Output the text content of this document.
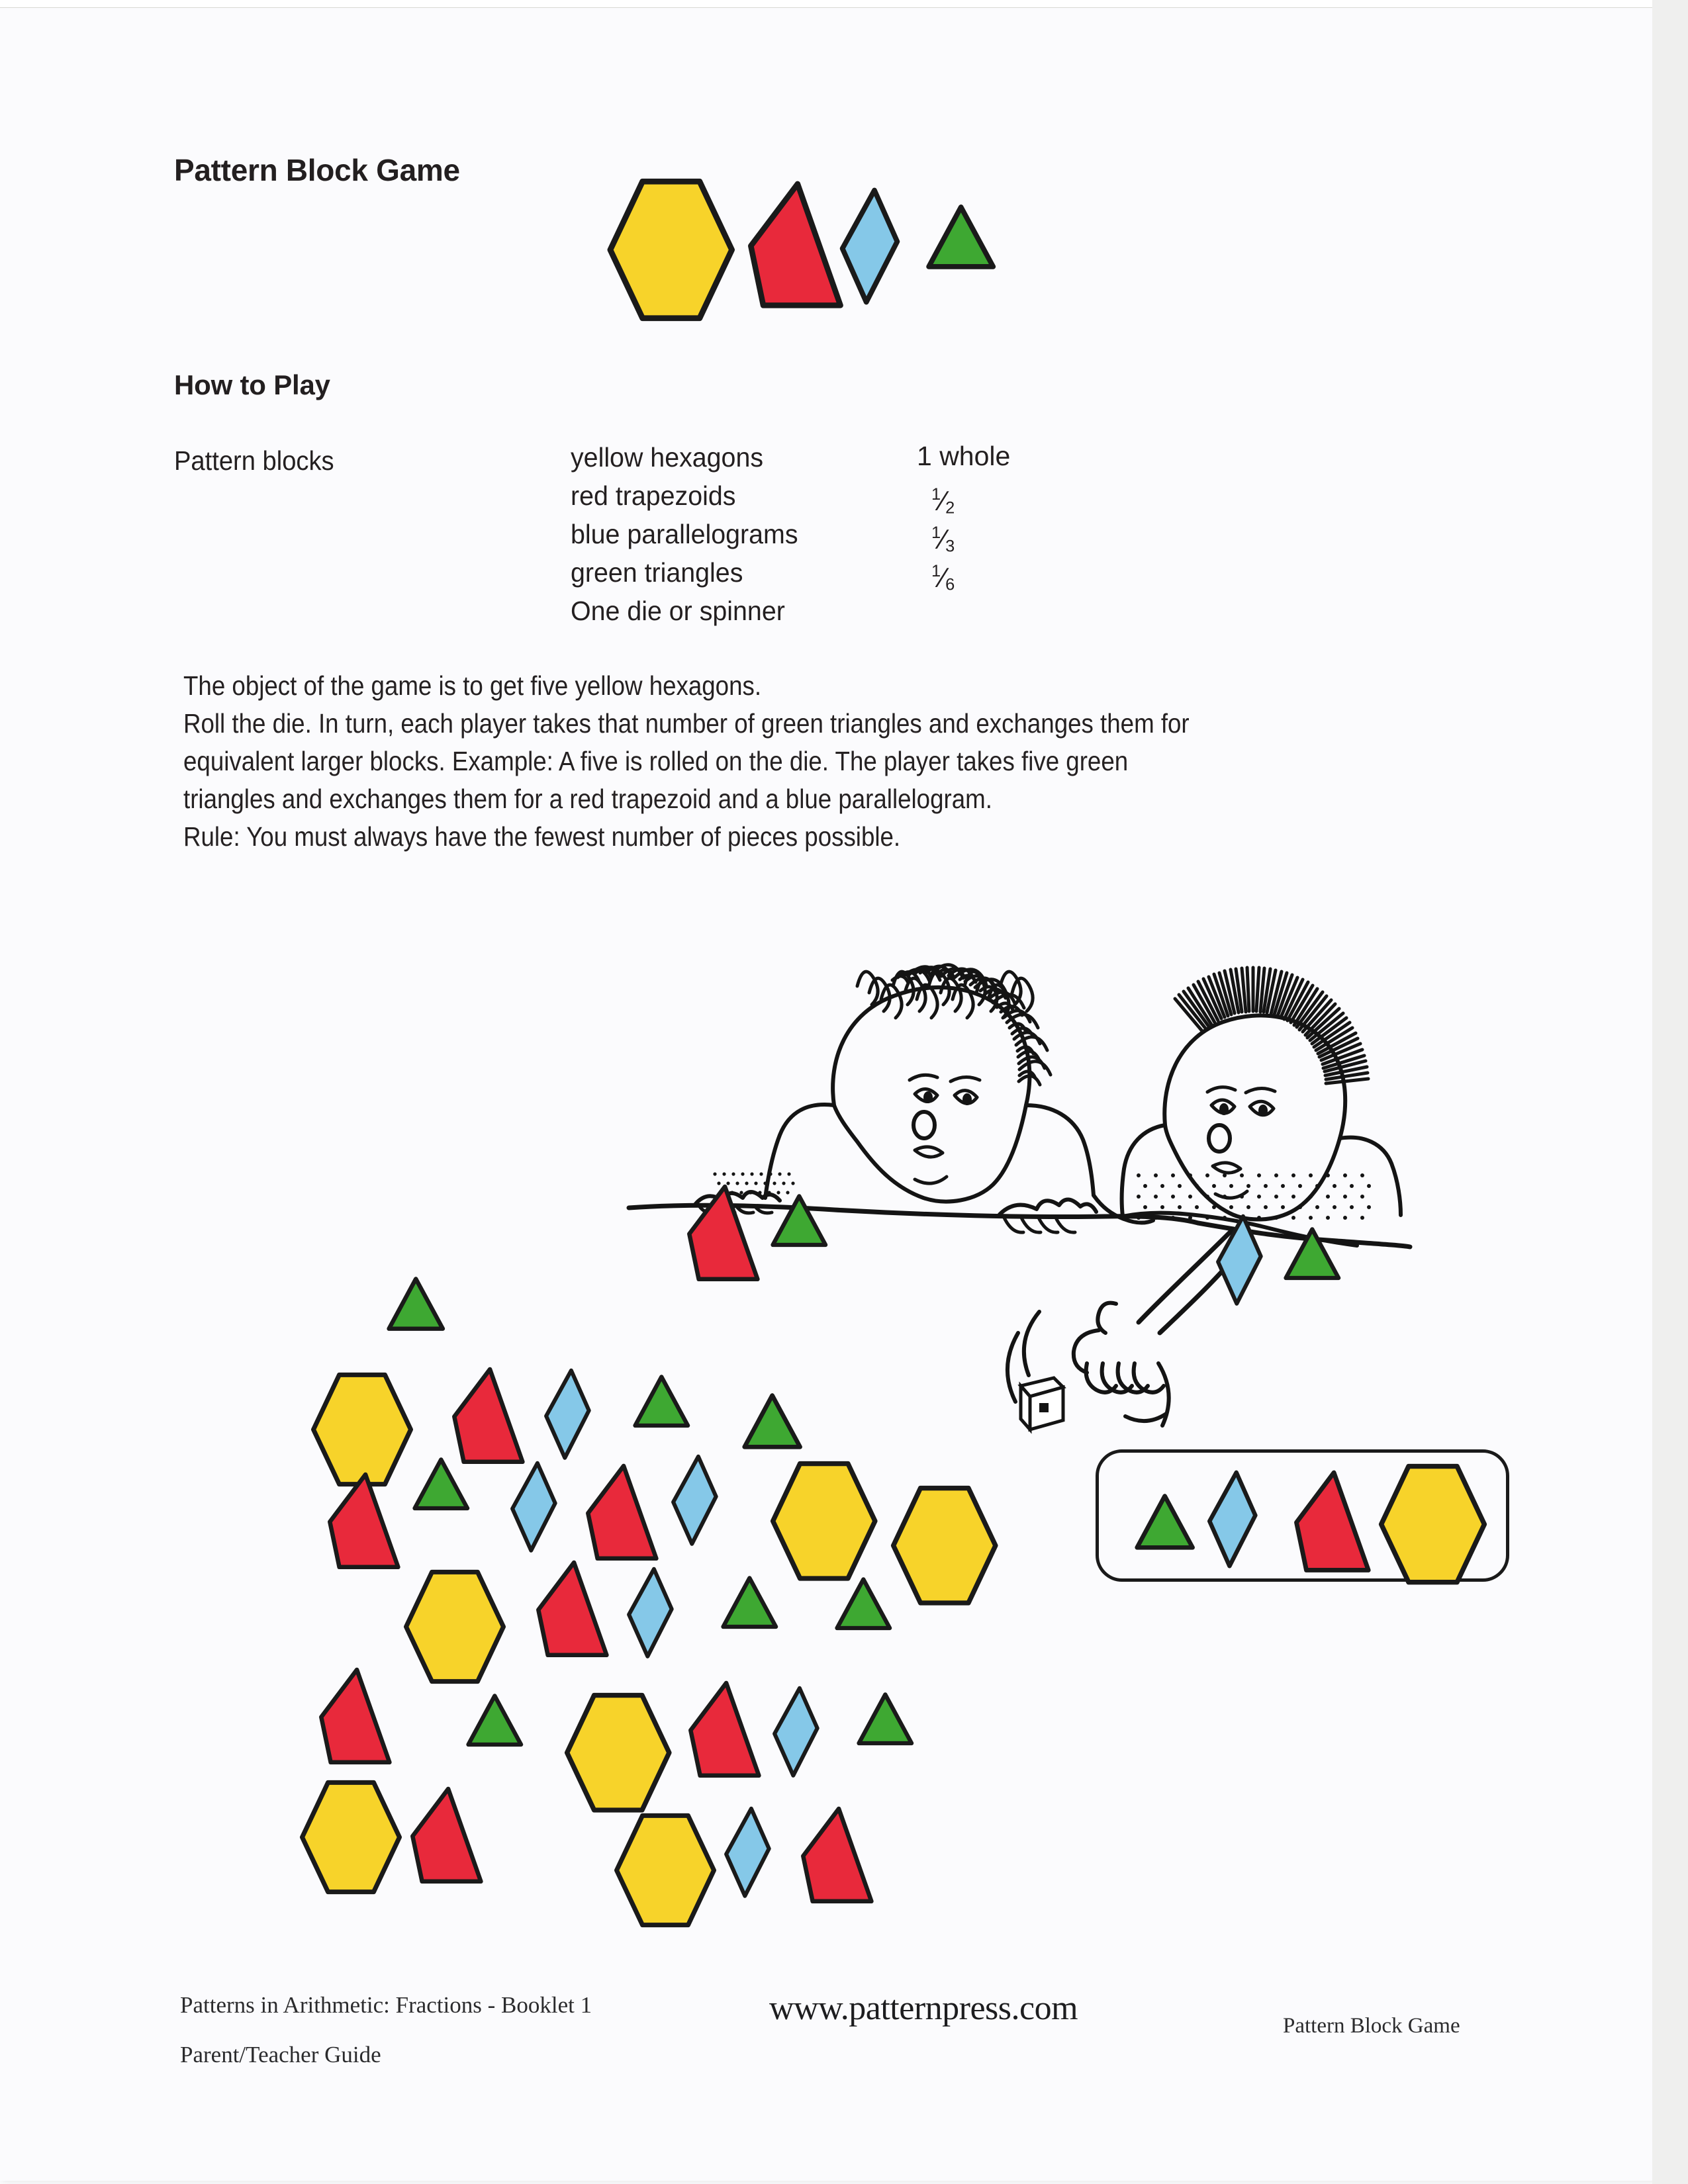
Pattern Block Game
How to Play
Pattern blocks	yellow hexagons
red trapezoids
blue parallelograms
green triangles
One die or spinner
1 whole
$^1⁄_2$
$^1⁄_3$
$^1⁄_6$

The object of the game is to get five yellow hexagons.
Roll the die. In turn, each player takes that number of green triangles and exchanges them for
equivalent larger blocks. Example: A five is rolled on the die. The player takes five green
triangles and exchanges them for a red trapezoid and a blue parallelogram.
Rule: You must always have the fewest number of pieces possible.
Patterns in Arithmetic: Fractions - Booklet 1
Parent/Teacher Guide
www.patternpress.com	Pattern Block Game
